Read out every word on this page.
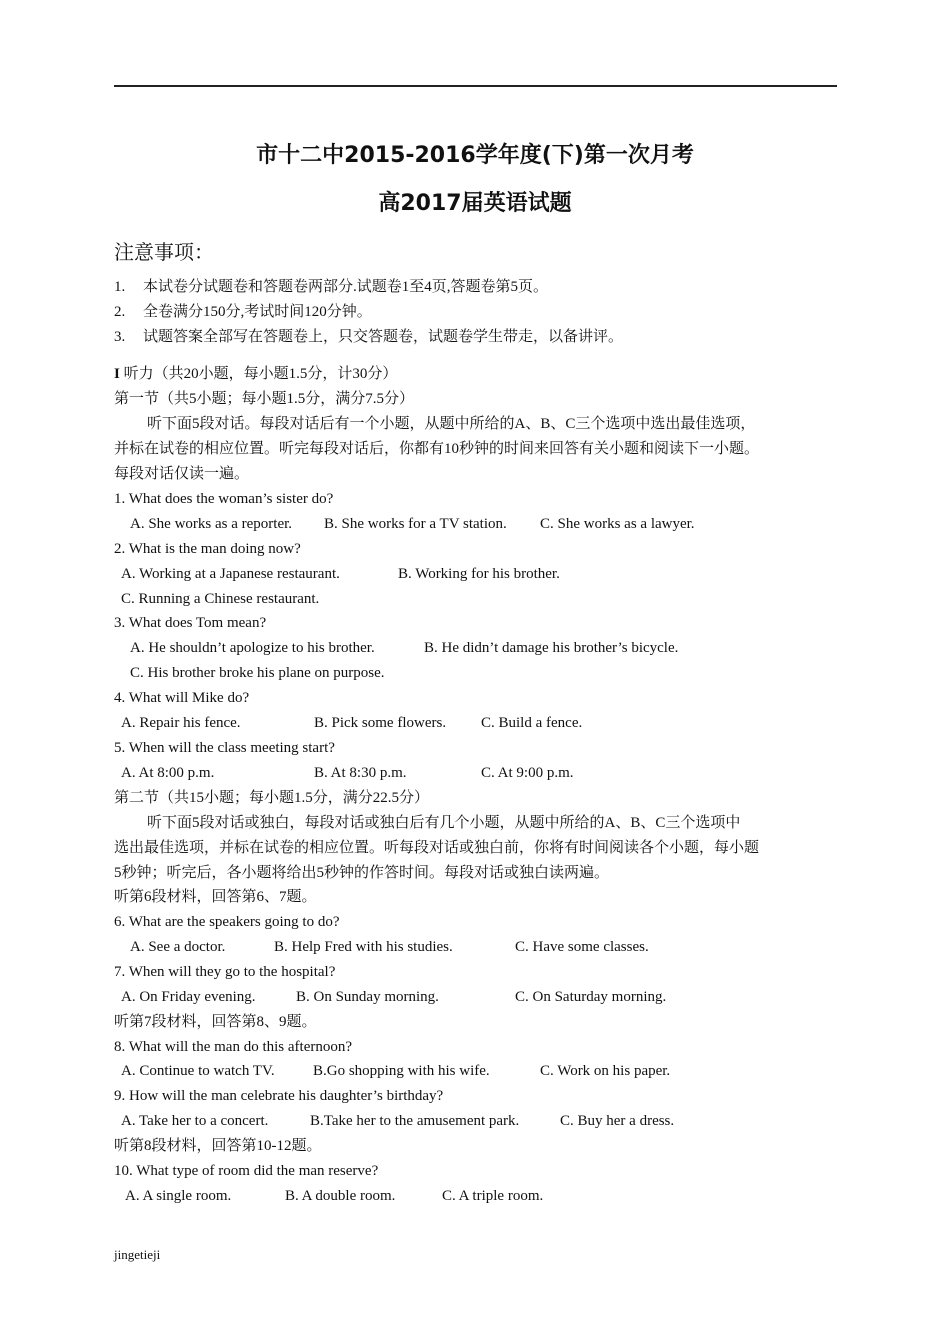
市十二中2015-2016学年度(下)第一次月考
高2017届英语试题
注意事项：
1. 本试卷分试题卷和答题卷两部分.试题卷1至4页,答题卷第5页。
2. 全卷满分150分,考试时间120分钟。
3. 试题答案全部写在答题卷上，只交答题卷，试题卷学生带走，以备讲评。
I 听力（共20小题，每小题1.5分，计30分）
第一节（共5小题；每小题1.5分，满分7.5分）
听下面5段对话。每段对话后有一个小题，从题中所给的A、B、C三个选项中选出最佳选项，
并标在试卷的相应位置。听完每段对话后，你都有10秒钟的时间来回答有关小题和阅读下一小题。
每段对话仅读一遍。
1. What does the woman’s sister do?
A. She works as a reporter. B. She works for a TV station. C. She works as a lawyer.
2. What is the man doing now?
A. Working at a Japanese restaurant.	B. Working for his brother.
C. Running a Chinese restaurant.
3. What does Tom mean?
A. He shouldn’t apologize to his brother.	B. He didn’t damage his brother’s bicycle.
C. His brother broke his plane on purpose.
4. What will Mike do?
A. Repair his fence.	B. Pick some flowers. C. Build a fence.
5. When will the class meeting start?
A. At 8:00 p.m.	B. At 8:30 p.m.	C. At 9:00 p.m.
第二节（共15小题；每小题1.5分，满分22.5分）
听下面5段对话或独白，每段对话或独白后有几个小题，从题中所给的A、B、C三个选项中
选出最佳选项，并标在试卷的相应位置。听每段对话或独白前，你将有时间阅读各个小题，每小题
5秒钟；听完后，各小题将给出5秒钟的作答时间。每段对话或独白读两遍。
听第6段材料，回答第6、7题。
6. What are the speakers going to do?
A. See a doctor.	B. Help Fred with his studies.	C. Have some classes.
7. When will they go to the hospital?
A. On Friday evening.	B. On Sunday morning.	C. On Saturday morning.
听第7段材料，回答第8、9题。
8. What will the man do this afternoon?
A. Continue to watch TV.	B.Go shopping with his wife.	C. Work on his paper.
9. How will the man celebrate his daughter’s birthday?
A. Take her to a concert.	B.Take her to the amusement park.	C. Buy her a dress.
听第8段材料，回答第10-12题。
10. What type of room did the man reserve?
A. A single room.	B. A double room.	C. A triple room.
jingetieji
